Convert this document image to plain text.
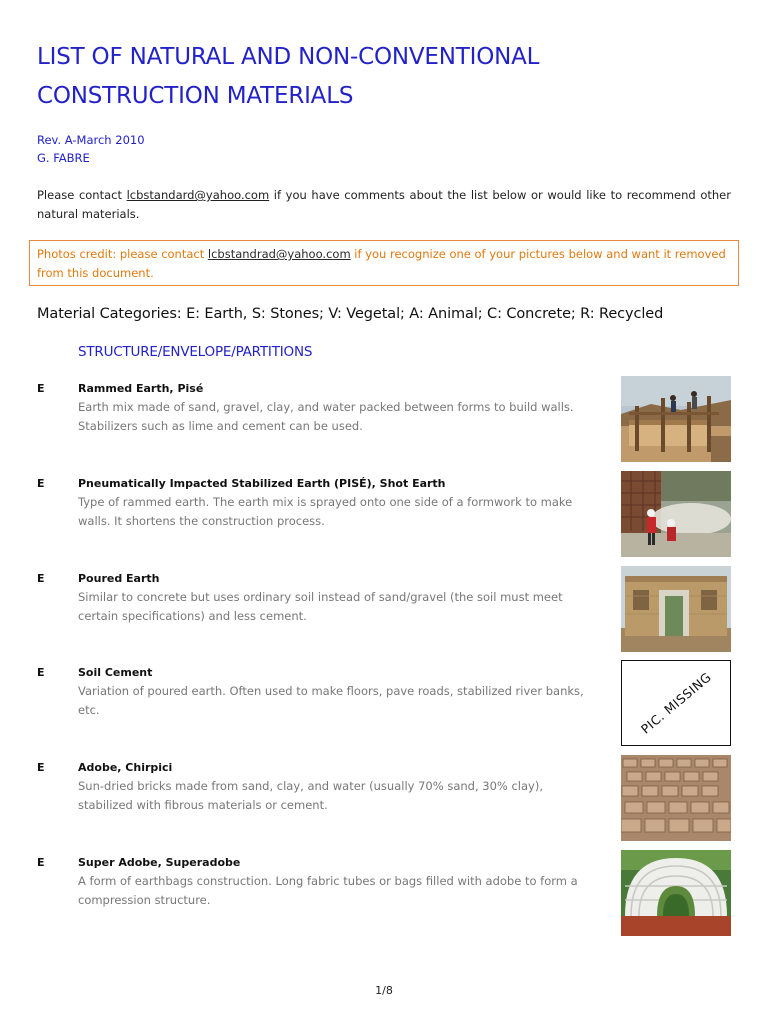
LIST OF NATURAL AND NON-CONVENTIONAL
CONSTRUCTION MATERIALS
Rev. A-March 2010
G. FABRE

Please contact lcbstandard@yahoo.com if you have comments about the list below or would like to recommend other natural materials.

Photos credit: please contact lcbstandrad@yahoo.com if you recognize one of your pictures below and want it removed from this document.
Material Categories: E: Earth, S: Stones; V: Vegetal; A: Animal; C: Concrete; R: Recycled
STRUCTURE/ENVELOPE/PARTITIONS
E	Rammed Earth, Pisé
Earth mix made of sand, gravel, clay, and water packed between forms to build walls. Stabilizers such as lime and cement can be used.
E	Pneumatically Impacted Stabilized Earth (PISÉ), Shot Earth
Type of rammed earth. The earth mix is sprayed onto one side of a formwork to make walls. It shortens the construction process.
E	Poured Earth
Similar to concrete but uses ordinary soil instead of sand/gravel (the soil must meet certain specifications) and less cement.
E	Soil Cement
Variation of poured earth. Often used to make floors, pave roads, stabilized river banks, etc.	PIC. MISSING
E	Adobe, Chirpici
Sun-dried bricks made from sand, clay, and water (usually 70% sand, 30% clay), stabilized with fibrous materials or cement.
E	Super Adobe, Superadobe
A form of earthbags construction. Long fabric tubes or bags filled with adobe to form a compression structure.
1/8
